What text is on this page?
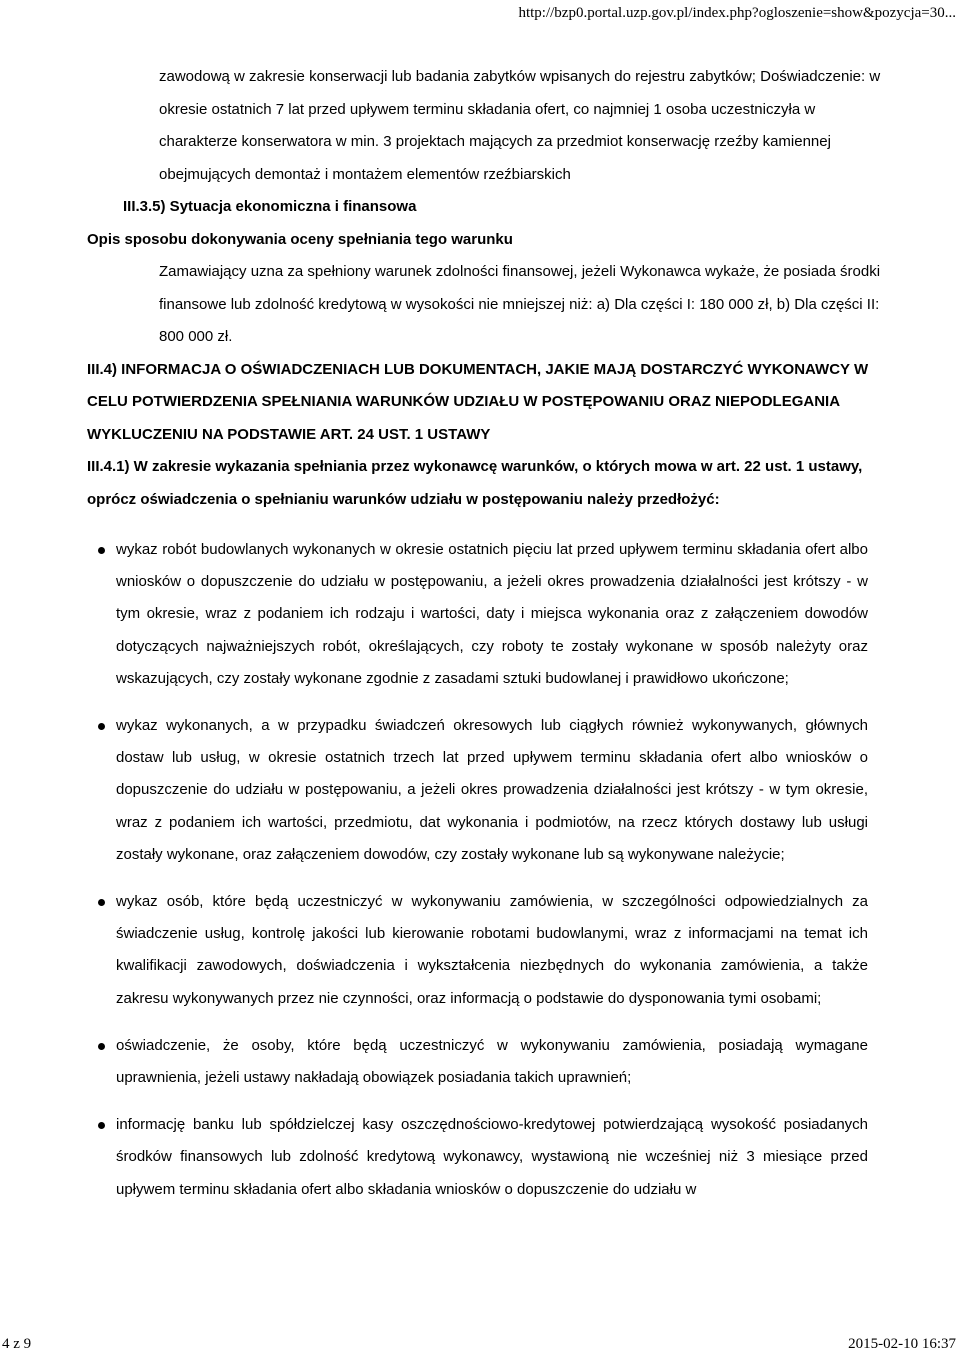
http://bzp0.portal.uzp.gov.pl/index.php?ogloszenie=show&pozycja=30...

zawodową w zakresie konserwacji lub badania zabytków wpisanych do rejestru zabytków; Doświadczenie: w okresie ostatnich 7 lat przed upływem terminu składania ofert, co najmniej 1 osoba uczestniczyła w charakterze konserwatora w min. 3 projektach mających za przedmiot konserwację rzeźby kamiennej obejmujących demontaż i montażem elementów rzeźbiarskich

III.3.5) Sytuacja ekonomiczna i finansowa

Opis sposobu dokonywania oceny spełniania tego warunku

Zamawiający uzna za spełniony warunek zdolności finansowej, jeżeli Wykonawca wykaże, że posiada środki finansowe lub zdolność kredytową w wysokości nie mniejszej niż: a) Dla części I: 180 000 zł, b) Dla części II: 800 000 zł.

III.4) INFORMACJA O OŚWIADCZENIACH LUB DOKUMENTACH, JAKIE MAJĄ DOSTARCZYĆ WYKONAWCY W CELU POTWIERDZENIA SPEŁNIANIA WARUNKÓW UDZIAŁU W POSTĘPOWANIU ORAZ NIEPODLEGANIA WYKLUCZENIU NA PODSTAWIE ART. 24 UST. 1 USTAWY

III.4.1) W zakresie wykazania spełniania przez wykonawcę warunków, o których mowa w art. 22 ust. 1 ustawy, oprócz oświadczenia o spełnianiu warunków udziału w postępowaniu należy przedłożyć:

wykaz robót budowlanych wykonanych w okresie ostatnich pięciu lat przed upływem terminu składania ofert albo wniosków o dopuszczenie do udziału w postępowaniu, a jeżeli okres prowadzenia działalności jest krótszy - w tym okresie, wraz z podaniem ich rodzaju i wartości, daty i miejsca wykonania oraz z załączeniem dowodów dotyczących najważniejszych robót, określających, czy roboty te zostały wykonane w sposób należyty oraz wskazujących, czy zostały wykonane zgodnie z zasadami sztuki budowlanej i prawidłowo ukończone;
wykaz wykonanych, a w przypadku świadczeń okresowych lub ciągłych również wykonywanych, głównych dostaw lub usług, w okresie ostatnich trzech lat przed upływem terminu składania ofert albo wniosków o dopuszczenie do udziału w postępowaniu, a jeżeli okres prowadzenia działalności jest krótszy - w tym okresie, wraz z podaniem ich wartości, przedmiotu, dat wykonania i podmiotów, na rzecz których dostawy lub usługi zostały wykonane, oraz załączeniem dowodów, czy zostały wykonane lub są wykonywane należycie;
wykaz osób, które będą uczestniczyć w wykonywaniu zamówienia, w szczególności odpowiedzialnych za świadczenie usług, kontrolę jakości lub kierowanie robotami budowlanymi, wraz z informacjami na temat ich kwalifikacji zawodowych, doświadczenia i wykształcenia niezbędnych do wykonania zamówienia, a także zakresu wykonywanych przez nie czynności, oraz informacją o podstawie do dysponowania tymi osobami;
oświadczenie, że osoby, które będą uczestniczyć w wykonywaniu zamówienia, posiadają wymagane uprawnienia, jeżeli ustawy nakładają obowiązek posiadania takich uprawnień;
informację banku lub spółdzielczej kasy oszczędnościowo-kredytowej potwierdzającą wysokość posiadanych środków finansowych lub zdolność kredytową wykonawcy, wystawioną nie wcześniej niż 3 miesiące przed upływem terminu składania ofert albo składania wniosków o dopuszczenie do udziału w
4 z 9	2015-02-10 16:37
